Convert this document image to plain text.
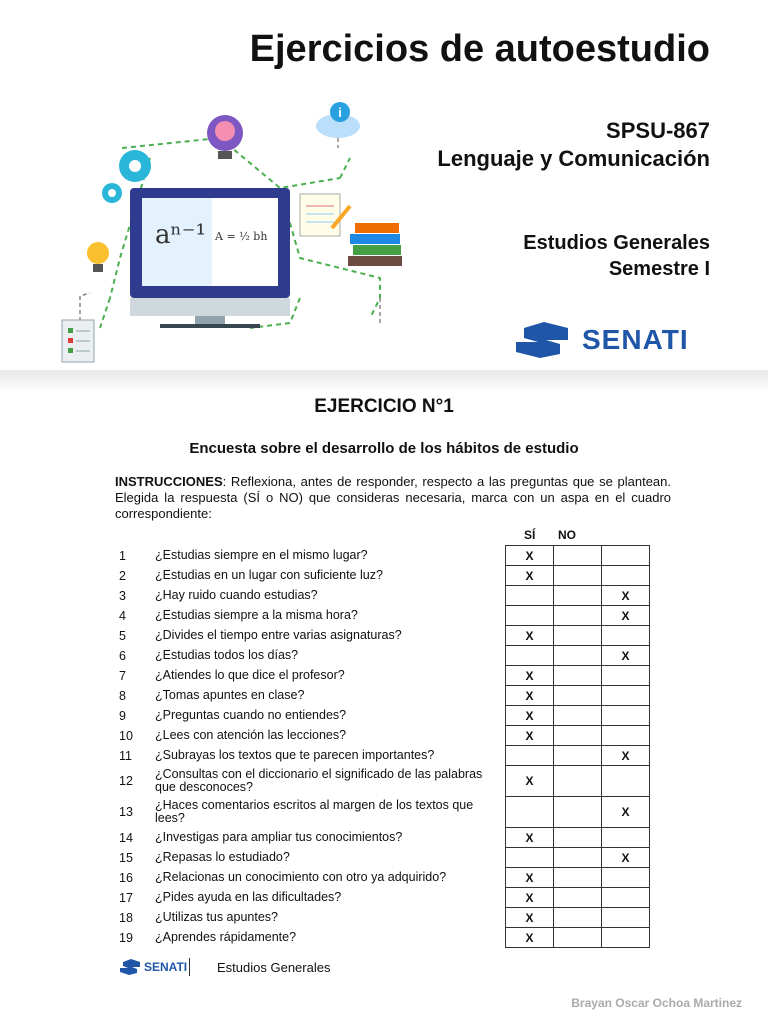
Ejercicios de autoestudio
SPSU-867
Lenguaje y Comunicación
Estudios Generales
Semestre I
i
aⁿ⁻¹ A = ½ bh
SENATI
EJERCICIO N°1
Encuesta sobre el desarrollo de los hábitos de estudio
INSTRUCCIONES: Reflexiona, antes de responder, respecto a las preguntas que se plantean. Elegida la respuesta (SÍ o NO) que consideras necesaria, marca con un aspa en el cuadro correspondiente:
SÍ NO
1	¿Estudias siempre en el mismo lugar?	X		
2	¿Estudias en un lugar con suficiente luz?	X		
3	¿Hay ruido cuando estudias?			X
4	¿Estudias siempre a la misma hora?			X
5	¿Divides el tiempo entre varias asignaturas?	X		
6	¿Estudias todos los días?			X
7	¿Atiendes lo que dice el profesor?	X		
8	¿Tomas apuntes en clase?	X		
9	¿Preguntas cuando no entiendes?	X		
10	¿Lees con atención las lecciones?	X		
11	¿Subrayas los textos que te parecen importantes?			X
12	¿Consultas con el diccionario el significado de las palabras que desconoces?	X		
13	¿Haces comentarios escritos al margen de los textos que lees?			X
14	¿Investigas para ampliar tus conocimientos?	X		
15	¿Repasas lo estudiado?			X
16	¿Relacionas un conocimiento con otro ya adquirido?	X		
17	¿Pides ayuda en las dificultades?	X		
18	¿Utilizas tus apuntes?	X		
19	¿Aprendes rápidamente?	X		
SENATI Estudios Generales
Brayan Oscar Ochoa Martinez
